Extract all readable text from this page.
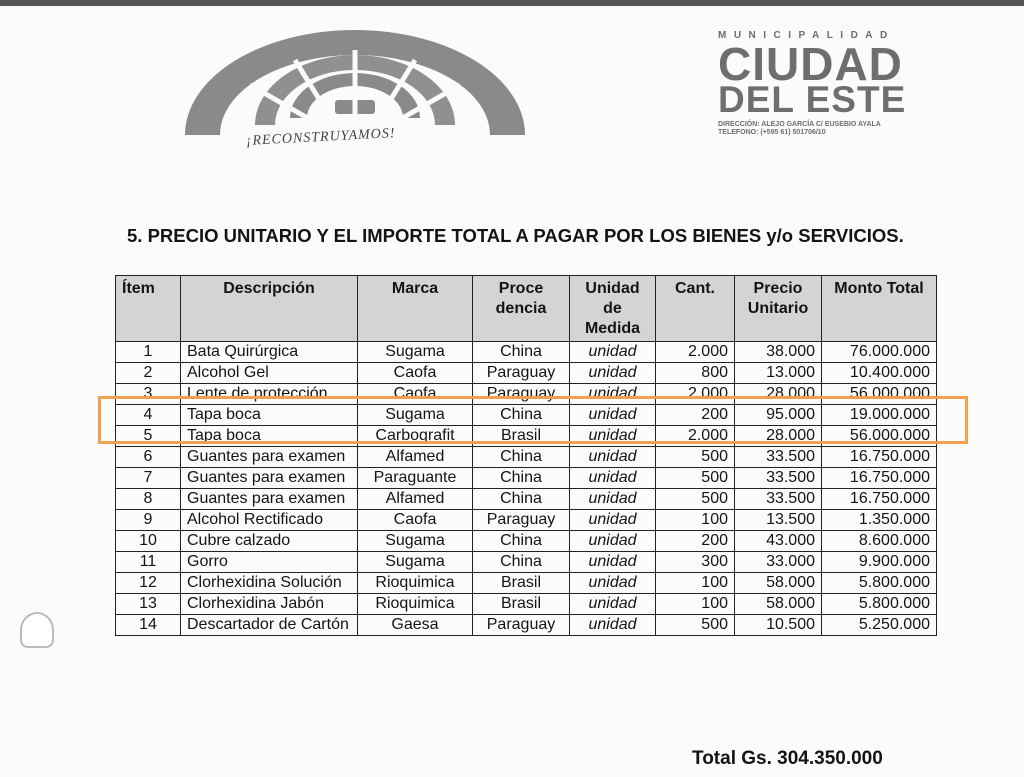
¡RECONSTRUYAMOS!
MUNICIPALIDAD
CIUDAD
DEL ESTE
DIRECCIÓN: ALEJO GARCÍA C/ EUSEBIO AYALA
TELEFONO: (+595 61) 501706/10
5. PRECIO UNITARIO Y EL IMPORTE TOTAL A PAGAR POR LOS BIENES y/o SERVICIOS.
Ítem	Descripción	Marca	Proce dencia	Unidad de Medida	Cant.	Precio Unitario	Monto Total
1	Bata Quirúrgica	Sugama	China	unidad	2.000	38.000	76.000.000
2	Alcohol Gel	Caofa	Paraguay	unidad	800	13.000	10.400.000
3	Lente de protección	Caofa	Paraguay	unidad	2.000	28.000	56.000.000
4	Tapa boca	Sugama	China	unidad	200	95.000	19.000.000
5	Tapa boca	Carbografit	Brasil	unidad	2.000	28.000	56.000.000
6	Guantes para examen	Alfamed	China	unidad	500	33.500	16.750.000
7	Guantes para examen	Paraguante	China	unidad	500	33.500	16.750.000
8	Guantes para examen	Alfamed	China	unidad	500	33.500	16.750.000
9	Alcohol Rectificado	Caofa	Paraguay	unidad	100	13.500	1.350.000
10	Cubre calzado	Sugama	China	unidad	200	43.000	8.600.000
11	Gorro	Sugama	China	unidad	300	33.000	9.900.000
12	Clorhexidina Solución	Rioquimica	Brasil	unidad	100	58.000	5.800.000
13	Clorhexidina Jabón	Rioquimica	Brasil	unidad	100	58.000	5.800.000
14	Descartador de Cartón	Gaesa	Paraguay	unidad	500	10.500	5.250.000
Total Gs. 304.350.000
